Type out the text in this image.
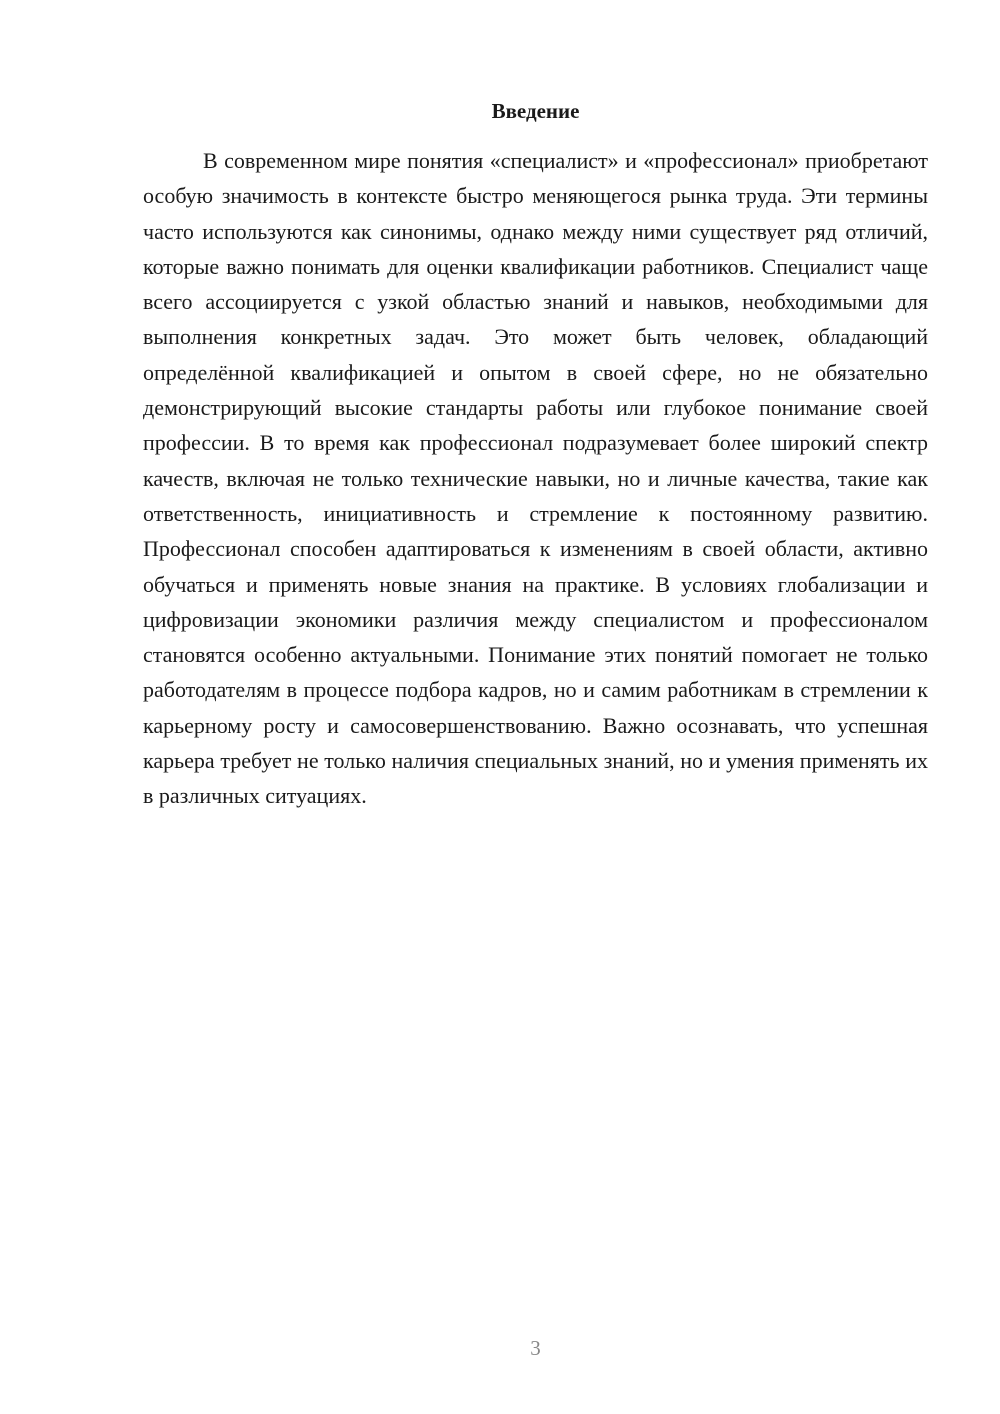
Введение

В современном мире понятия «специалист» и «профессионал» приобретают особую значимость в контексте быстро меняющегося рынка труда. Эти термины часто используются как синонимы, однако между ними существует ряд отличий, которые важно понимать для оценки квалификации работников. Специалист чаще всего ассоциируется с узкой областью знаний и навыков, необходимыми для выполнения конкретных задач. Это может быть человек, обладающий определённой квалификацией и опытом в своей сфере, но не обязательно демонстрирующий высокие стандарты работы или глубокое понимание своей профессии. В то время как профессионал подразумевает более широкий спектр качеств, включая не только технические навыки, но и личные качества, такие как ответственность, инициативность и стремление к постоянному развитию. Профессионал способен адаптироваться к изменениям в своей области, активно обучаться и применять новые знания на практике. В условиях глобализации и цифровизации экономики различия между специалистом и профессионалом становятся особенно актуальными. Понимание этих понятий помогает не только работодателям в процессе подбора кадров, но и самим работникам в стремлении к карьерному росту и самосовершенствованию. Важно осознавать, что успешная карьера требует не только наличия специальных знаний, но и умения применять их в различных ситуациях.

3
